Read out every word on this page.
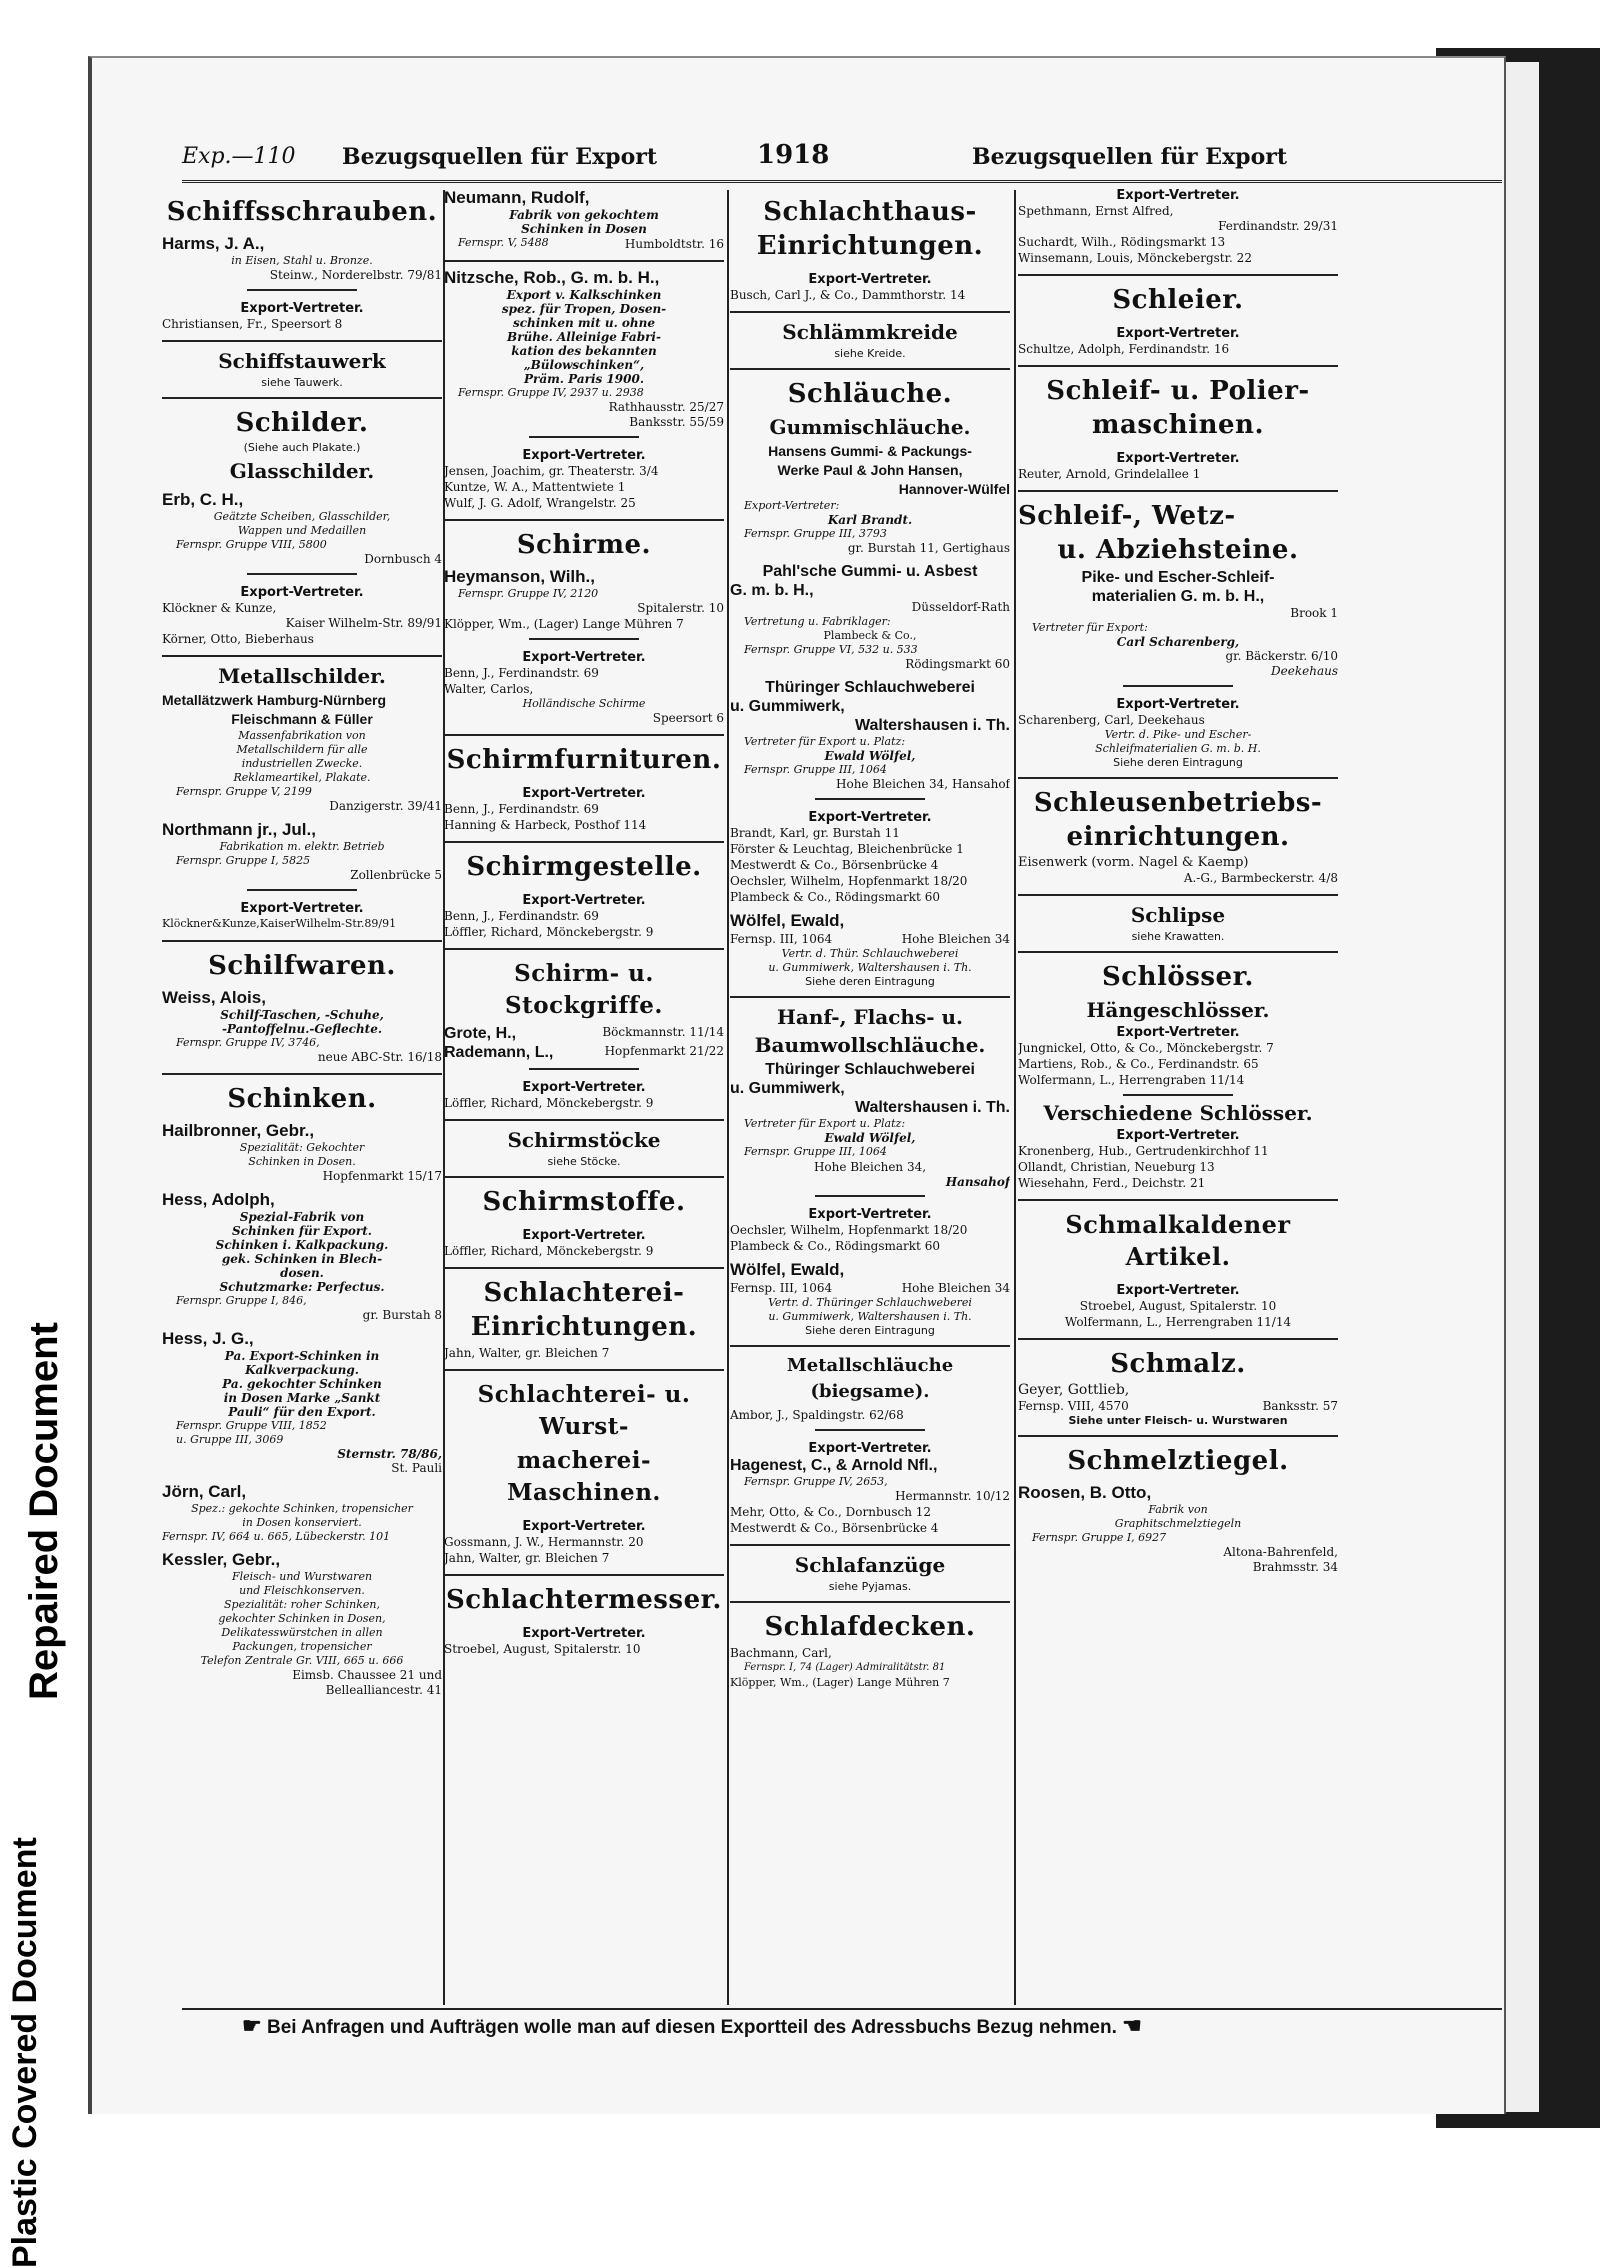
Repaired Document
Plastic Covered Document
Exp.—110 Bezugsquellen für Export	1918	Bezugsquellen für Export
Schiffsschrauben.
Harms, J. A.,
in Eisen, Stahl u. Bronze.
Steinw., Norderelbstr. 79/81
Export-Vertreter.
Christiansen, Fr., Speersort 8
Schiffstauwerk
siehe Tauwerk.
Schilder.
(Siehe auch Plakate.)
Glasschilder.
Erb, C. H.,
Geätzte Scheiben, Glasschilder,
Wappen und Medaillen
Fernspr. Gruppe VIII, 5800
Dornbusch 4
Export-Vertreter.
Klöckner & Kunze,
Kaiser Wilhelm-Str. 89/91
Körner, Otto, Bieberhaus
Metallschilder.
Metallätzwerk Hamburg-Nürnberg
Fleischmann & Füller
Massenfabrikation von
Metallschildern für alle
industriellen Zwecke.
Reklameartikel, Plakate.
Fernspr. Gruppe V, 2199
Danzigerstr. 39/41
Northmann jr., Jul.,
Fabrikation m. elektr. Betrieb
Fernspr. Gruppe I, 5825
Zollenbrücke 5
Export-Vertreter.
Klöckner&Kunze,KaiserWilhelm-Str.89/91
Schilfwaren.
Weiss, Alois,
Schilf-Taschen, -Schuhe,
-Pantoffelnu.-Geflechte.
Fernspr. Gruppe IV, 3746,
neue ABC-Str. 16/18
Schinken.
Hailbronner, Gebr.,
Spezialität: Gekochter
Schinken in Dosen.
Hopfenmarkt 15/17
Hess, Adolph,
Spezial-Fabrik von
Schinken für Export.
Schinken i. Kalkpackung.
gek. Schinken in Blech-
dosen.
Schutzmarke: Perfectus.
Fernspr. Gruppe I, 846,
gr. Burstah 8
Hess, J. G.,
Pa. Export-Schinken in
Kalkverpackung.
Pa. gekochter Schinken
in Dosen Marke „Sankt
Pauli“ für den Export.
Fernspr. Gruppe VIII, 1852
u. Gruppe III, 3069
Sternstr. 78/86,
St. Pauli
Jörn, Carl,
Spez.: gekochte Schinken, tropensicher
in Dosen konserviert.
Fernspr. IV, 664 u. 665, Lübeckerstr. 101
Kessler, Gebr.,
Fleisch- und Wurstwaren
und Fleischkonserven.
Spezialität: roher Schinken,
gekochter Schinken in Dosen,
Delikatesswürstchen in allen
Packungen, tropensicher
Telefon Zentrale Gr. VIII, 665 u. 666
Eimsb. Chaussee 21 und
Bellealliancestr. 41
Neumann, Rudolf,
Fabrik von gekochtem
Schinken in Dosen
Fernspr. V, 5488	Humboldtstr. 16
Nitzsche, Rob., G. m. b. H.,
Export v. Kalkschinken
spez. für Tropen, Dosen-
schinken mit u. ohne
Brühe. Alleinige Fabri-
kation des bekannten
„Bülowschinken“,
Präm. Paris 1900.
Fernspr. Gruppe IV, 2937 u. 2938
Rathhausstr. 25/27
Banksstr. 55/59
Export-Vertreter.
Jensen, Joachim, gr. Theaterstr. 3/4
Kuntze, W. A., Mattentwiete 1
Wulf, J. G. Adolf, Wrangelstr. 25
Schirme.
Heymanson, Wilh.,
Fernspr. Gruppe IV, 2120
Spitalerstr. 10
Klöpper, Wm., (Lager) Lange Mühren 7
Export-Vertreter.
Benn, J., Ferdinandstr. 69
Walter, Carlos,
Holländische Schirme
Speersort 6
Schirmfurnituren.
Export-Vertreter.
Benn, J., Ferdinandstr. 69
Hanning & Harbeck, Posthof 114
Schirmgestelle.
Export-Vertreter.
Benn, J., Ferdinandstr. 69
Löffler, Richard, Mönckebergstr. 9
Schirm- u. Stockgriffe.
Grote, H.,	Böckmannstr. 11/14
Rademann, L.,	Hopfenmarkt 21/22
Export-Vertreter.
Löffler, Richard, Mönckebergstr. 9
Schirmstöcke
siehe Stöcke.
Schirmstoffe.
Export-Vertreter.
Löffler, Richard, Mönckebergstr. 9
Schlachterei-
Einrichtungen.
Jahn, Walter, gr. Bleichen 7
Schlachterei- u. Wurst-
macherei-Maschinen.
Export-Vertreter.
Gossmann, J. W., Hermannstr. 20
Jahn, Walter, gr. Bleichen 7
Schlachtermesser.
Export-Vertreter.
Stroebel, August, Spitalerstr. 10
Schlachthaus-
Einrichtungen.
Export-Vertreter.
Busch, Carl J., & Co., Dammthorstr. 14
Schlämmkreide
siehe Kreide.
Schläuche.
Gummischläuche.
Hansens Gummi- & Packungs-
Werke Paul & John Hansen,
Hannover-Wülfel
Export-Vertreter:
Karl Brandt.
Fernspr. Gruppe III, 3793
gr. Burstah 11, Gertighaus
Pahl'sche Gummi- u. Asbest
G. m. b. H.,
Düsseldorf-Rath
Vertretung u. Fabriklager:
Plambeck & Co.,
Fernspr. Gruppe VI, 532 u. 533
Rödingsmarkt 60
Thüringer Schlauchweberei
u. Gummiwerk,
Waltershausen i. Th.
Vertreter für Export u. Platz:
Ewald Wölfel,
Fernspr. Gruppe III, 1064
Hohe Bleichen 34, Hansahof
Export-Vertreter.
Brandt, Karl, gr. Burstah 11
Förster & Leuchtag, Bleichenbrücke 1
Mestwerdt & Co., Börsenbrücke 4
Oechsler, Wilhelm, Hopfenmarkt 18/20
Plambeck & Co., Rödingsmarkt 60
Wölfel, Ewald,
Fernsp. III, 1064	Hohe Bleichen 34
Vertr. d. Thür. Schlauchweberei
u. Gummiwerk, Waltershausen i. Th.
Siehe deren Eintragung
Hanf-, Flachs- u.
Baumwollschläuche.
Thüringer Schlauchweberei
u. Gummiwerk,
Waltershausen i. Th.
Vertreter für Export u. Platz:
Ewald Wölfel,
Fernspr. Gruppe III, 1064
Hohe Bleichen 34,
Hansahof
Export-Vertreter.
Oechsler, Wilhelm, Hopfenmarkt 18/20
Plambeck & Co., Rödingsmarkt 60
Wölfel, Ewald,
Fernsp. III, 1064	Hohe Bleichen 34
Vertr. d. Thüringer Schlauchweberei
u. Gummiwerk, Waltershausen i. Th.
Siehe deren Eintragung
Metallschläuche (biegsame).
Ambor, J., Spaldingstr. 62/68
Export-Vertreter.
Hagenest, C., & Arnold Nfl.,
Fernspr. Gruppe IV, 2653,
Hermannstr. 10/12
Mehr, Otto, & Co., Dornbusch 12
Mestwerdt & Co., Börsenbrücke 4
Schlafanzüge
siehe Pyjamas.
Schlafdecken.
Bachmann, Carl,
Fernspr. I, 74 (Lager) Admiralitätstr. 81
Klöpper, Wm., (Lager) Lange Mühren 7
Export-Vertreter.
Spethmann, Ernst Alfred,
Ferdinandstr. 29/31
Suchardt, Wilh., Rödingsmarkt 13
Winsemann, Louis, Mönckebergstr. 22
Schleier.
Export-Vertreter.
Schultze, Adolph, Ferdinandstr. 16
Schleif- u. Polier-
maschinen.
Export-Vertreter.
Reuter, Arnold, Grindelallee 1
Schleif-, Wetz-
u. Abziehsteine.
Pike- und Escher-Schleif-
materialien G. m. b. H.,
Brook 1
Vertreter für Export:
Carl Scharenberg,
gr. Bäckerstr. 6/10
Deekehaus
Export-Vertreter.
Scharenberg, Carl, Deekehaus
Vertr. d. Pike- und Escher-
Schleifmaterialien G. m. b. H.
Siehe deren Eintragung
Schleusenbetriebs-
einrichtungen.
Eisenwerk (vorm. Nagel & Kaemp)
A.-G., Barmbeckerstr. 4/8
Schlipse
siehe Krawatten.
Schlösser.
Hängeschlösser.
Export-Vertreter.
Jungnickel, Otto, & Co., Mönckebergstr. 7
Martiens, Rob., & Co., Ferdinandstr. 65
Wolfermann, L., Herrengraben 11/14
Verschiedene Schlösser.
Export-Vertreter.
Kronenberg, Hub., Gertrudenkirchhof 11
Ollandt, Christian, Neueburg 13
Wiesehahn, Ferd., Deichstr. 21
Schmalkaldener Artikel.
Export-Vertreter.
Stroebel, August, Spitalerstr. 10
Wolfermann, L., Herrengraben 11/14
Schmalz.
Geyer, Gottlieb,
Fernsp. VIII, 4570	Banksstr. 57
Siehe unter Fleisch- u. Wurstwaren
Schmelztiegel.
Roosen, B. Otto,
Fabrik von
Graphitschmelztiegeln
Fernspr. Gruppe I, 6927
Altona-Bahrenfeld,
Brahmsstr. 34
☛ Bei Anfragen und Aufträgen wolle man auf diesen Exportteil des Adressbuchs Bezug nehmen. ☚
